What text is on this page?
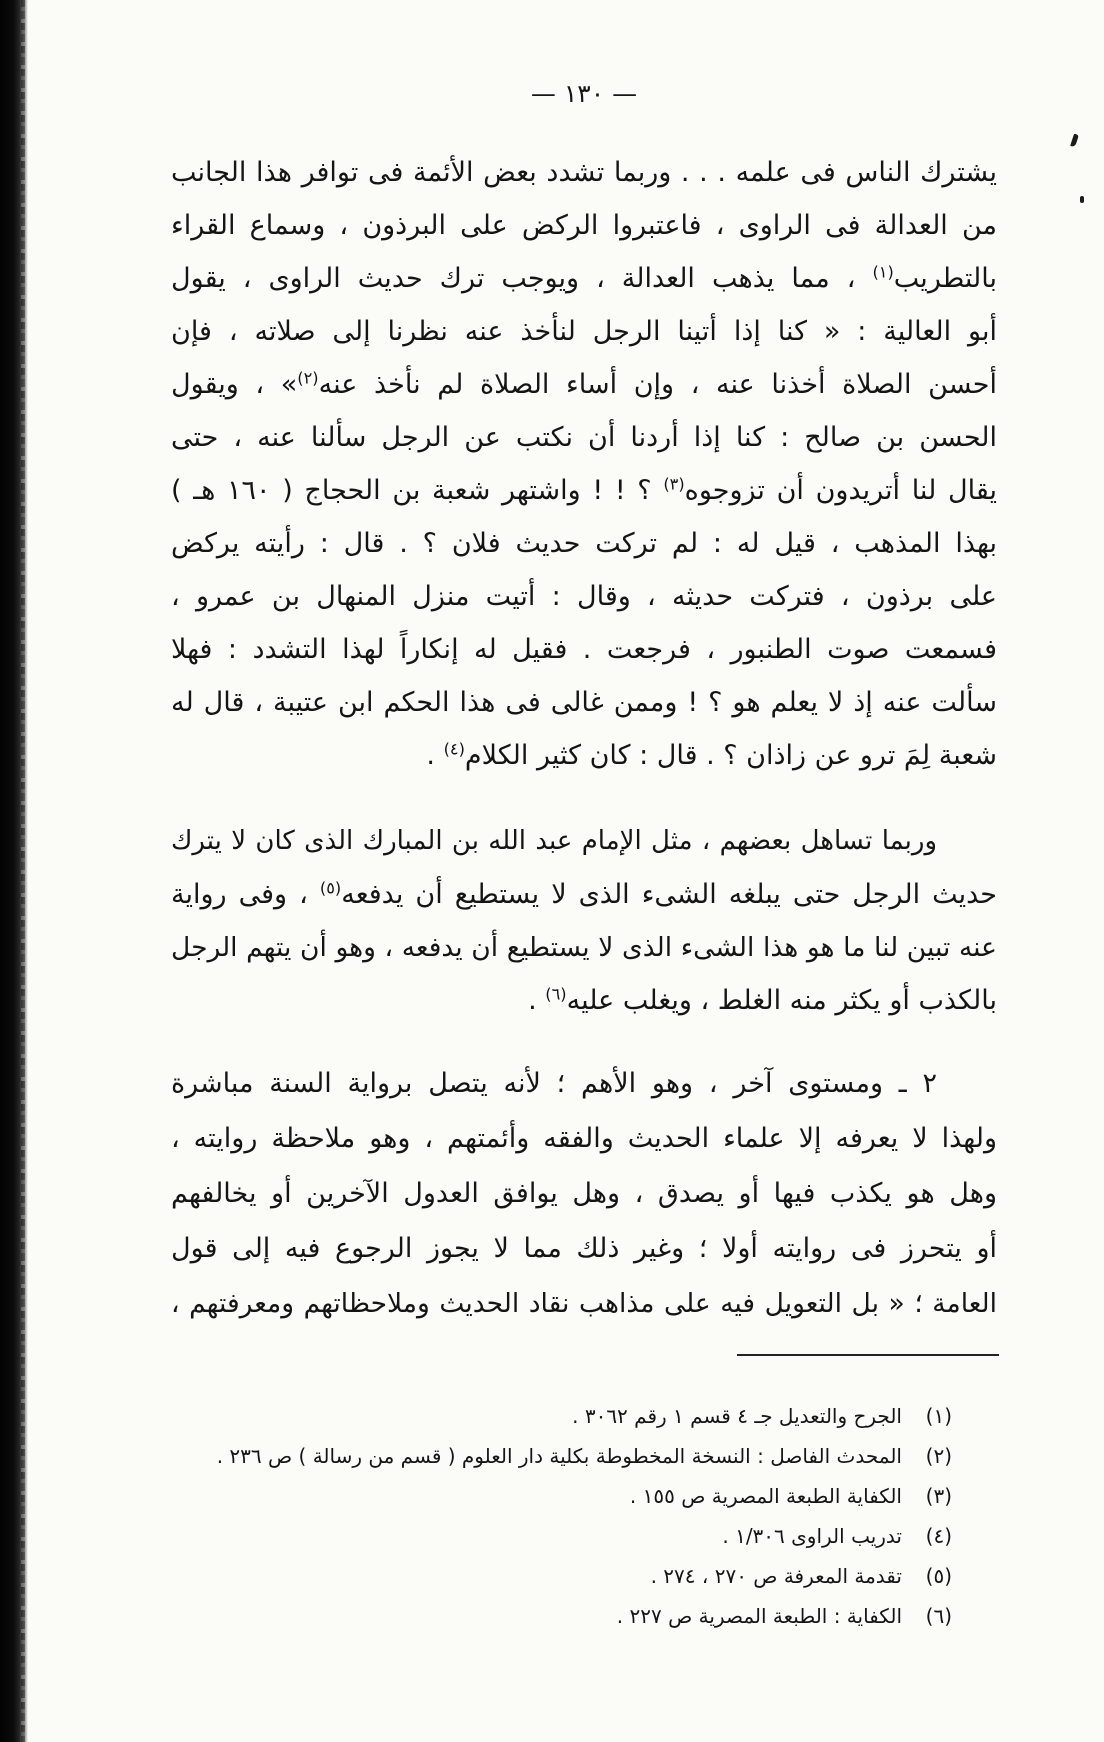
— ١٣٠ —
يشترك الناس فى علمه . . . وربما تشدد بعض الأئمة فى توافر هذا الجانب
من العدالة فى الراوى ، فاعتبروا الركض على البرذون ، وسماع القراء
بالتطريب$^{(١)}$ ، مما يذهب العدالة ، ويوجب ترك حديث الراوى ، يقول
أبو العالية : « كنا إذا أتينا الرجل لنأخذ عنه نظرنا إلى صلاته ، فإن
أحسن الصلاة أخذنا عنه ، وإن أساء الصلاة لم نأخذ عنه$^{(٢)}$» ، ويقول
الحسن بن صالح : كنا إذا أردنا أن نكتب عن الرجل سألنا عنه ، حتى
يقال لنا أتريدون أن تزوجوه$^{(٣)}$ ؟ ! ! واشتهر شعبة بن الحجاج ( ١٦٠ هـ )
بهذا المذهب ، قيل له : لم تركت حديث فلان ؟ . قال : رأيته يركض
على برذون ، فتركت حديثه ، وقال : أتيت منزل المنهال بن عمرو ،
فسمعت صوت الطنبور ، فرجعت . فقيل له إنكاراً لهذا التشدد : فهلا
سألت عنه إذ لا يعلم هو ؟ ! وممن غالى فى هذا الحكم ابن عتيبة ، قال له
شعبة لِمَ ترو عن زاذان ؟ . قال : كان كثير الكلام$^{(٤)}$ .
وربما تساهل بعضهم ، مثل الإمام عبد الله بن المبارك الذى كان لا يترك
حديث الرجل حتى يبلغه الشىء الذى لا يستطيع أن يدفعه$^{(٥)}$ ، وفى رواية
عنه تبين لنا ما هو هذا الشىء الذى لا يستطيع أن يدفعه ، وهو أن يتهم الرجل
بالكذب أو يكثر منه الغلط ، ويغلب عليه$^{(٦)}$ .
٢ ـ ومستوى آخر ، وهو الأهم ؛ لأنه يتصل برواية السنة مباشرة
ولهذا لا يعرفه إلا علماء الحديث والفقه وأئمتهم ، وهو ملاحظة روايته ،
وهل هو يكذب فيها أو يصدق ، وهل يوافق العدول الآخرين أو يخالفهم
أو يتحرز فى روايته أولا ؛ وغير ذلك مما لا يجوز الرجوع فيه إلى قول
العامة ؛ « بل التعويل فيه على مذاهب نقاد الحديث وملاحظاتهم ومعرفتهم ،
(١)
الجرح والتعديل جـ ٤ قسم ١ رقم ٣٠٦٢ .
(٢)
المحدث الفاصل : النسخة المخطوطة بكلية دار العلوم ( قسم من رسالة ) ص ٢٣٦ .
(٣)
الكفاية الطبعة المصرية ص ١٥٥ .
(٤)
تدريب الراوى ١/٣٠٦ .
(٥)
تقدمة المعرفة ص ٢٧٠ ، ٢٧٤ .
(٦)
الكفاية : الطبعة المصرية ص ٢٢٧ .
